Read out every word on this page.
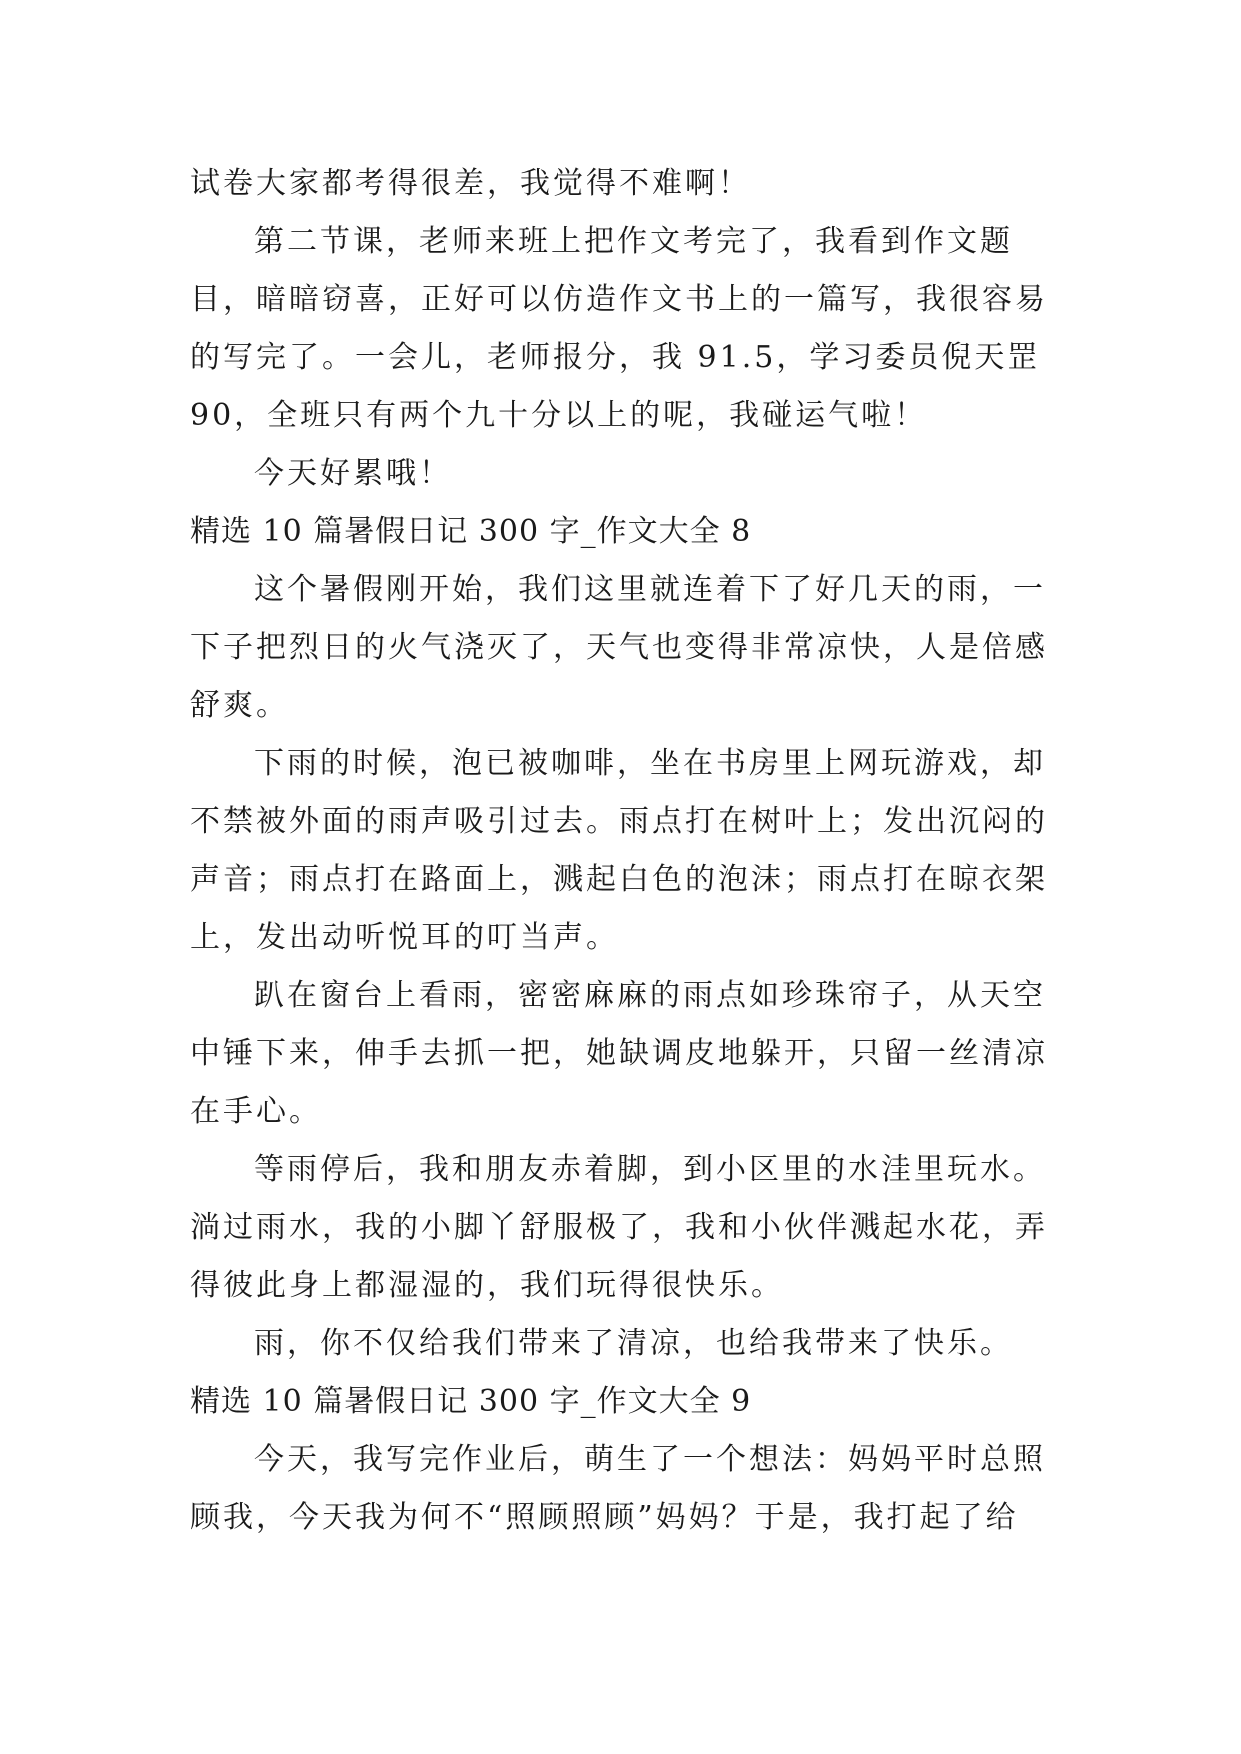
试卷大家都考得很差，我觉得不难啊！

第二节课，老师来班上把作文考完了，我看到作文题目，暗暗窃喜，正好可以仿造作文书上的一篇写，我很容易的写完了。一会儿，老师报分，我 91.5，学习委员倪天罡 90，全班只有两个九十分以上的呢，我碰运气啦！

今天好累哦！

精选 10 篇暑假日记 300 字_作文大全 8

这个暑假刚开始，我们这里就连着下了好几天的雨，一下子把烈日的火气浇灭了，天气也变得非常凉快，人是倍感舒爽。

下雨的时候，泡已被咖啡，坐在书房里上网玩游戏，却不禁被外面的雨声吸引过去。雨点打在树叶上；发出沉闷的声音；雨点打在路面上，溅起白色的泡沫；雨点打在晾衣架上，发出动听悦耳的叮当声。

趴在窗台上看雨，密密麻麻的雨点如珍珠帘子，从天空中锤下来，伸手去抓一把，她缺调皮地躲开，只留一丝清凉在手心。

等雨停后，我和朋友赤着脚，到小区里的水洼里玩水。淌过雨水，我的小脚丫舒服极了，我和小伙伴溅起水花，弄得彼此身上都湿湿的，我们玩得很快乐。

雨，你不仅给我们带来了清凉，也给我带来了快乐。

精选 10 篇暑假日记 300 字_作文大全 9

今天，我写完作业后，萌生了一个想法：妈妈平时总照顾我，今天我为何不“照顾照顾”妈妈？于是，我打起了给
